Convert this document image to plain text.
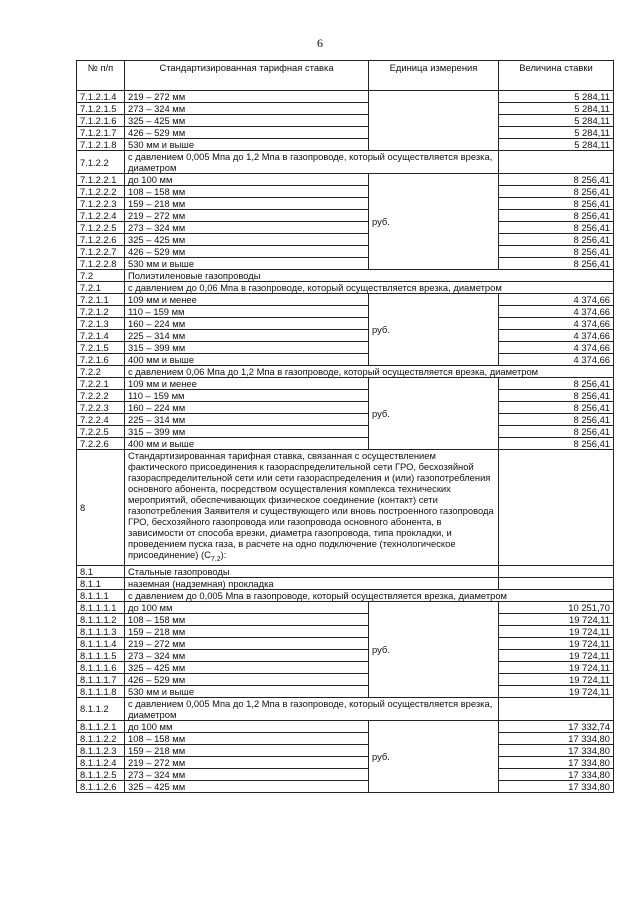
6
№ п/п	Стандартизированная тарифная ставка	Единица измерения	Величина ставки
7.1.2.1.4	219 – 272 мм		5 284,11
7.1.2.1.5	273 – 324 мм		5 284,11
7.1.2.1.6	325 – 425 мм		5 284,11
7.1.2.1.7	426 – 529 мм		5 284,11
7.1.2.1.8	530 мм и выше		5 284,11
7.1.2.2	с давлением 0,005 Мпа до 1,2 Мпа в газопроводе, который осуществляется врезка, диаметром		
7.1.2.2.1	до 100 мм	руб.	8 256,41
7.1.2.2.2	108 – 158 мм		8 256,41
7.1.2.2.3	159 – 218 мм		8 256,41
7.1.2.2.4	219 – 272 мм		8 256,41
7.1.2.2.5	273 – 324 мм		8 256,41
7.1.2.2.6	325 – 425 мм		8 256,41
7.1.2.2.7	426 – 529 мм		8 256,41
7.1.2.2.8	530 мм и выше		8 256,41
7.2	Полиэтиленовые газопроводы		
7.2.1	с давлением до 0,06 Мпа в газопроводе, который осуществляется врезка, диаметром		
7.2.1.1	109 мм и менее	руб.	4 374,66
7.2.1.2	110 – 159 мм		4 374,66
7.2.1.3	160 – 224 мм		4 374,66
7.2.1.4	225 – 314 мм		4 374,66
7.2.1.5	315 – 399 мм		4 374,66
7.2.1.6	400 мм и выше		4 374,66
7.2.2	с давлением 0,06 Мпа до 1,2 Мпа в газопроводе, который осуществляется врезка, диаметром		
7.2.2.1	109 мм и менее	руб.	8 256,41
7.2.2.2	110 – 159 мм		8 256,41
7.2.2.3	160 – 224 мм		8 256,41
7.2.2.4	225 – 314 мм		8 256,41
7.2.2.5	315 – 399 мм		8 256,41
7.2.2.6	400 мм и выше		8 256,41
8	Стандартизированная тарифная ставка, связанная с осуществлением фактического присоединения к газораспределительной сети ГРО, бесхозяйной газораспределительной сети или сети газораспределения и (или) газопотребления основного абонента, посредством осуществления комплекса технических мероприятий, обеспечивающих физическое соединение (контакт) сети газопотребления Заявителя и существующего или вновь построенного газопровода ГРО, бесхозяйного газопровода или газопровода основного абонента, в зависимости от способа врезки, диаметра газопровода, типа прокладки, и проведением пуска газа, в расчете на одно подключение (технологическое присоединение) $(C_{7.2})$:		
8.1	Стальные газопроводы		
8.1.1	наземная (надземная) прокладка		
8.1.1.1	с давлением до 0,005 Мпа в газопроводе, который осуществляется врезка, диаметром		
8.1.1.1.1	до 100 мм	руб.	10 251,70
8.1.1.1.2	108 – 158 мм		19 724,11
8.1.1.1.3	159 – 218 мм		19 724,11
8.1.1.1.4	219 – 272 мм		19 724,11
8.1.1.1.5	273 – 324 мм		19 724,11
8.1.1.1.6	325 – 425 мм		19 724,11
8.1.1.1.7	426 – 529 мм		19 724,11
8.1.1.1.8	530 мм и выше		19 724,11
8.1.1.2	с давлением 0,005 Мпа до 1,2 Мпа в газопроводе, который осуществляется врезка, диаметром		
8.1.1.2.1	до 100 мм	руб.	17 332,74
8.1.1.2.2	108 – 158 мм		17 334,80
8.1.1.2.3	159 – 218 мм		17 334,80
8.1.1.2.4	219 – 272 мм		17 334,80
8.1.1.2.5	273 – 324 мм		17 334,80
8.1.1.2.6	325 – 425 мм		17 334,80
